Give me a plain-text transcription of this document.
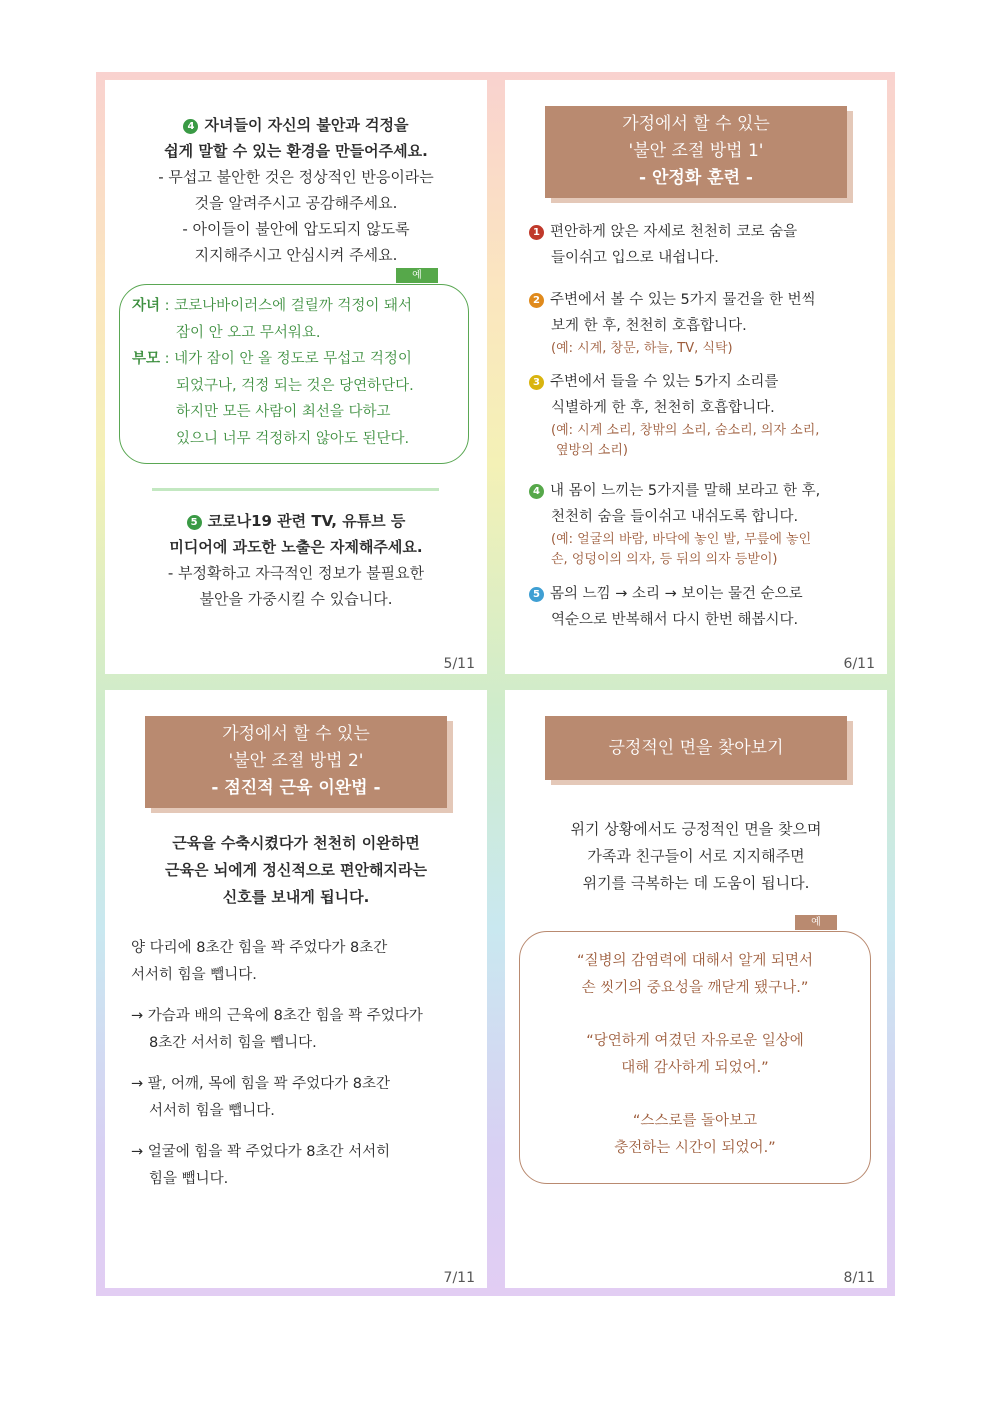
4 자녀들이 자신의 불안과 걱정을
쉽게 말할 수 있는 환경을 만들어주세요.
- 무섭고 불안한 것은 정상적인 반응이라는
것을 알려주시고 공감해주세요.
- 아이들이 불안에 압도되지 않도록
지지해주시고 안심시켜 주세요.
예
자녀 : 코로나바이러스에 걸릴까 걱정이 돼서
잠이 안 오고 무서워요.
부모 : 네가 잠이 안 올 정도로 무섭고 걱정이
되었구나, 걱정 되는 것은 당연하단다.
하지만 모든 사람이 최선을 다하고
있으니 너무 걱정하지 않아도 된단다.
5 코로나19 관련 TV, 유튜브 등
미디어에 과도한 노출은 자제해주세요.
- 부정확하고 자극적인 정보가 불필요한
불안을 가중시킬 수 있습니다.
5/11
가정에서 할 수 있는
'불안 조절 방법 1'
- 안정화 훈련 -
1 편안하게 앉은 자세로 천천히 코로 숨을
들이쉬고 입으로 내쉽니다.
2 주변에서 볼 수 있는 5가지 물건을 한 번씩
보게 한 후, 천천히 호흡합니다.
(예: 시계, 창문, 하늘, TV, 식탁)
3 주변에서 들을 수 있는 5가지 소리를
식별하게 한 후, 천천히 호흡합니다.
(예: 시계 소리, 창밖의 소리, 숨소리, 의자 소리,
옆방의 소리)
4 내 몸이 느끼는 5가지를 말해 보라고 한 후,
천천히 숨을 들이쉬고 내쉬도록 합니다.
(예: 얼굴의 바람, 바닥에 놓인 발, 무릎에 놓인
손, 엉덩이의 의자, 등 뒤의 의자 등받이)
5 몸의 느낌 → 소리 → 보이는 물건 순으로
역순으로 반복해서 다시 한번 해봅시다.
6/11
가정에서 할 수 있는
'불안 조절 방법 2'
- 점진적 근육 이완법 -
근육을 수축시켰다가 천천히 이완하면
근육은 뇌에게 정신적으로 편안해지라는
신호를 보내게 됩니다.
양 다리에 8초간 힘을 꽉 주었다가 8초간
서서히 힘을 뺍니다.
→ 가슴과 배의 근육에 8초간 힘을 꽉 주었다가
8초간 서서히 힘을 뺍니다.
→ 팔, 어깨, 목에 힘을 꽉 주었다가 8초간
서서히 힘을 뺍니다.
→ 얼굴에 힘을 꽉 주었다가 8초간 서서히
힘을 뺍니다.
7/11
긍정적인 면을 찾아보기
위기 상황에서도 긍정적인 면을 찾으며
가족과 친구들이 서로 지지해주면
위기를 극복하는 데 도움이 됩니다.
예
“질병의 감염력에 대해서 알게 되면서
손 씻기의 중요성을 깨닫게 됐구나.”
“당연하게 여겼던 자유로운 일상에
대해 감사하게 되었어.”
“스스로를 돌아보고
충전하는 시간이 되었어.”
8/11
